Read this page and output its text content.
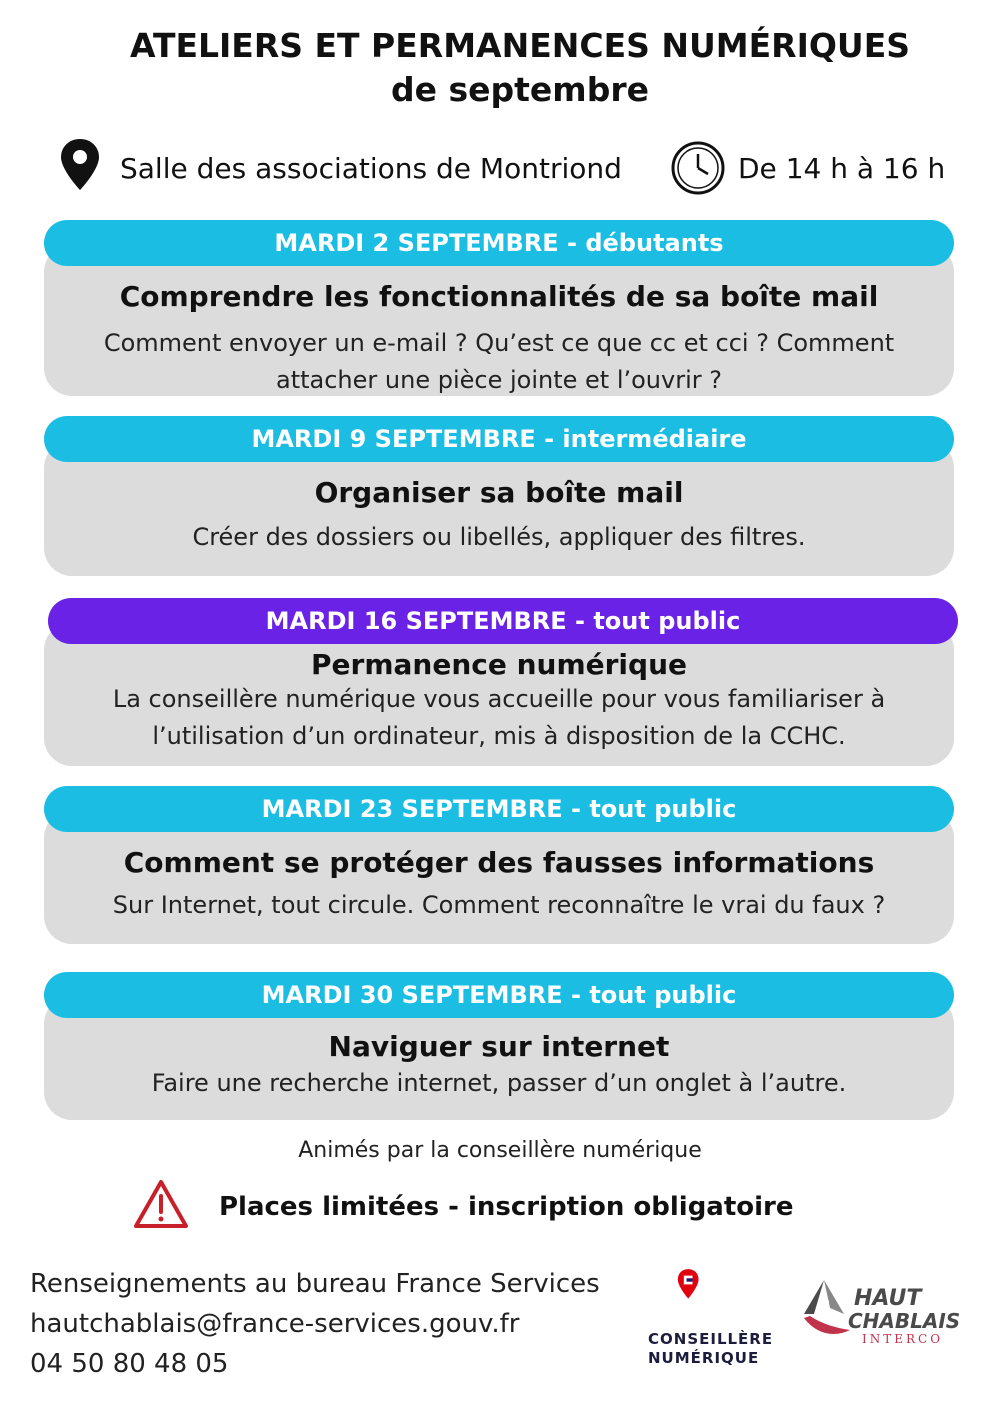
ATELIERS ET PERMANENCES NUMÉRIQUES
de septembre
Salle des associations de Montriond	De 14 h à 16 h
Comprendre les fonctionnalités de sa boîte mail
Comment envoyer un e-mail ? Qu’est ce que cc et cci ? Comment
attacher une pièce jointe et l’ouvrir ?
MARDI 2 SEPTEMBRE - débutants
Organiser sa boîte mail
Créer des dossiers ou libellés, appliquer des filtres.
MARDI 9 SEPTEMBRE - intermédiaire
Permanence numérique
La conseillère numérique vous accueille pour vous familiariser à
l’utilisation d’un ordinateur, mis à disposition de la CCHC.
MARDI 16 SEPTEMBRE - tout public
Comment se protéger des fausses informations
Sur Internet, tout circule. Comment reconnaître le vrai du faux ?
MARDI 23 SEPTEMBRE - tout public
Naviguer sur internet
Faire une recherche internet, passer d’un onglet à l’autre.
MARDI 30 SEPTEMBRE - tout public
Animés par la conseillère numérique
Places limitées - inscription obligatoire
Renseignements au bureau France Services
hautchablais@france-services.gouv.fr
04 50 80 48 05
CONSEILLÈRE
NUMÉRIQUE
HAUT
CHABLAIS
INTERCO
